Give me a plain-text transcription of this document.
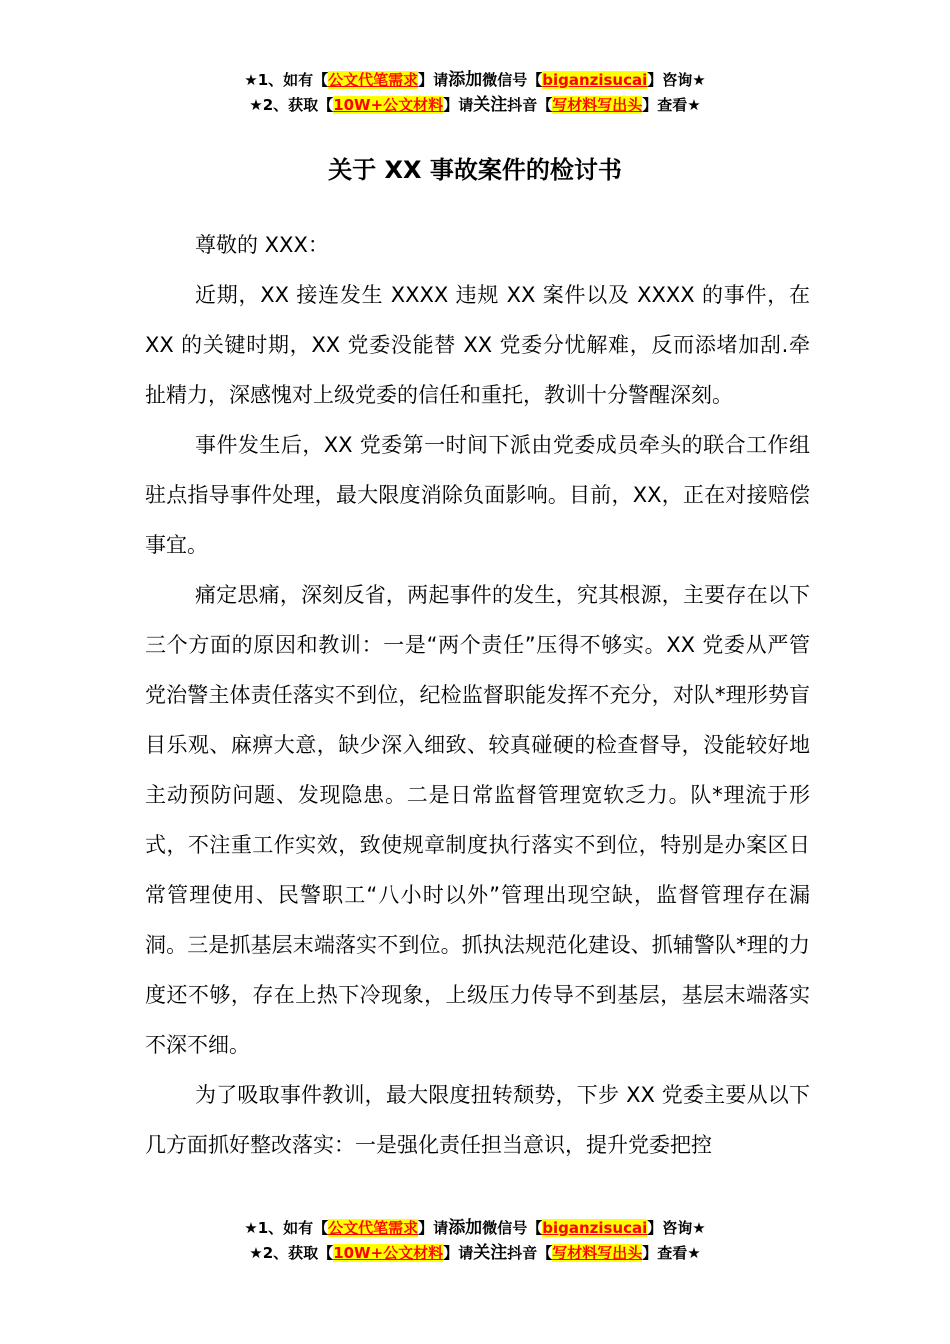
★1、如有【公文代笔需求】请添加微信号【biganzisucai】咨询★
★2、获取【10W+公文材料】请关注抖音【写材料写出头】查看★
关于 XX 事故案件的检讨书

尊敬的 XXX：

近期，XX 接连发生 XXXX 违规 XX 案件以及 XXXX 的事件，在 XX 的关键时期，XX 党委没能替 XX 党委分忧解难，反而添堵加刮.牵扯精力，深感愧对上级党委的信任和重托，教训十分警醒深刻。

事件发生后，XX 党委第一时间下派由党委成员牵头的联合工作组驻点指导事件处理，最大限度消除负面影响。目前，XX，正在对接赔偿事宜。

痛定思痛，深刻反省，两起事件的发生，究其根源，主要存在以下三个方面的原因和教训：一是“两个责任”压得不够实。XX 党委从严管党治警主体责任落实不到位，纪检监督职能发挥不充分，对队*理形势盲目乐观、麻痹大意，缺少深入细致、较真碰硬的检查督导，没能较好地主动预防问题、发现隐患。二是日常监督管理宽软乏力。队*理流于形式，不注重工作实效，致使规章制度执行落实不到位，特别是办案区日常管理使用、民警职工“八小时以外”管理出现空缺，监督管理存在漏洞。三是抓基层末端落实不到位。抓执法规范化建设、抓辅警队*理的力度还不够，存在上热下冷现象，上级压力传导不到基层，基层末端落实不深不细。

为了吸取事件教训，最大限度扭转颓势，下步 XX 党委主要从以下几方面抓好整改落实：一是强化责任担当意识，提升党委把控

★1、如有【公文代笔需求】请添加微信号【biganzisucai】咨询★
★2、获取【10W+公文材料】请关注抖音【写材料写出头】查看★
